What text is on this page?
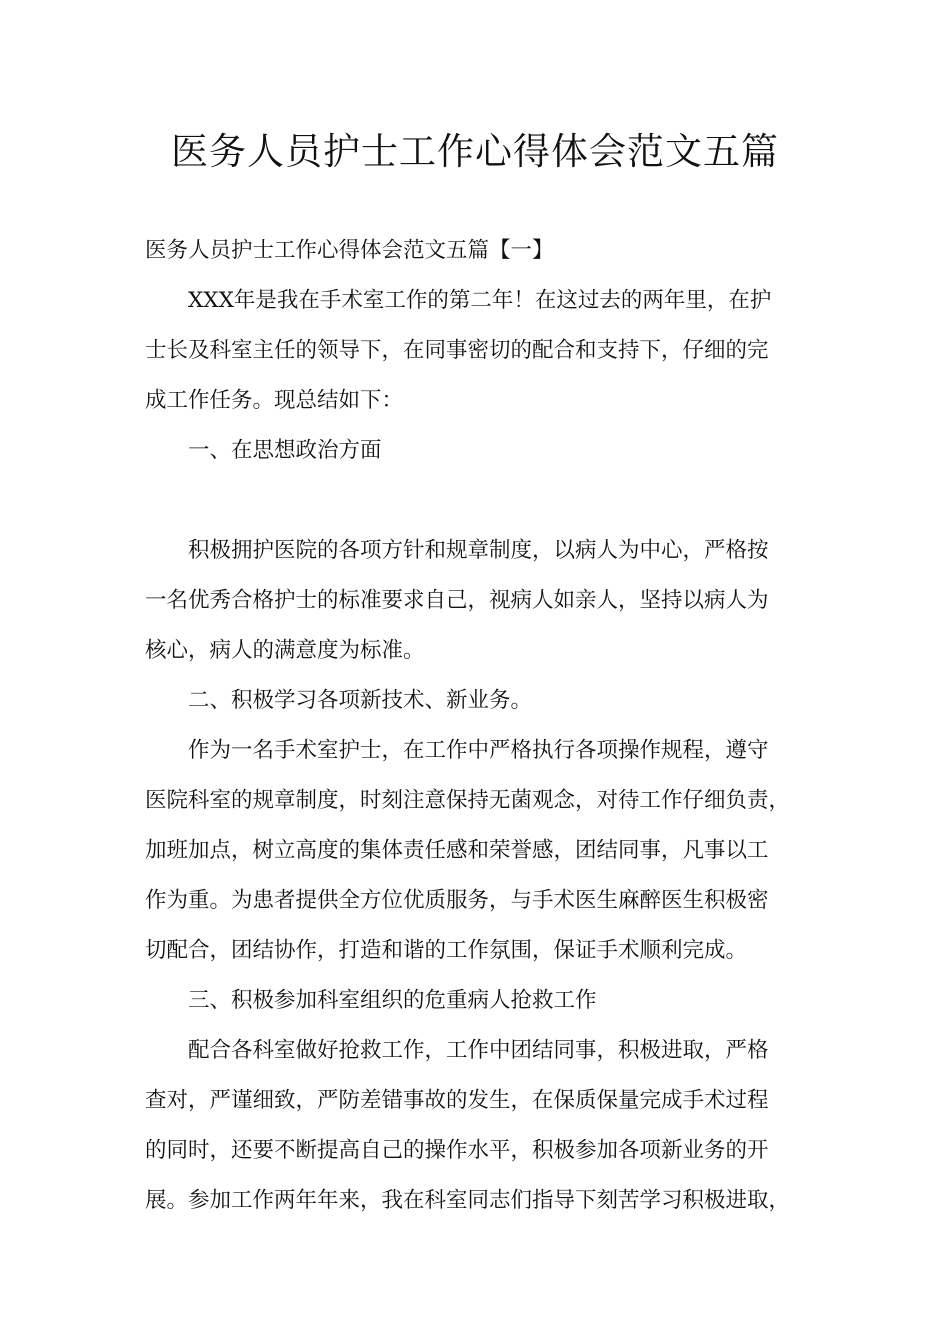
医务人员护士工作心得体会范文五篇

医务人员护士工作心得体会范文五篇【一】

XXX年是我在手术室工作的第二年！在这过去的两年里，在护

士长及科室主任的领导下，在同事密切的配合和支持下，仔细的完

成工作任务。现总结如下：

一、在思想政治方面

积极拥护医院的各项方针和规章制度，以病人为中心，严格按

一名优秀合格护士的标准要求自己，视病人如亲人，坚持以病人为

核心，病人的满意度为标准。

二、积极学习各项新技术、新业务。

作为一名手术室护士，在工作中严格执行各项操作规程，遵守

医院科室的规章制度，时刻注意保持无菌观念，对待工作仔细负责，

加班加点，树立高度的集体责任感和荣誉感，团结同事，凡事以工

作为重。为患者提供全方位优质服务，与手术医生麻醉医生积极密

切配合，团结协作，打造和谐的工作氛围，保证手术顺利完成。

三、积极参加科室组织的危重病人抢救工作

配合各科室做好抢救工作，工作中团结同事，积极进取，严格

查对，严谨细致，严防差错事故的发生，在保质保量完成手术过程

的同时，还要不断提高自己的操作水平，积极参加各项新业务的开

展。参加工作两年年来，我在科室同志们指导下刻苦学习积极进取，
